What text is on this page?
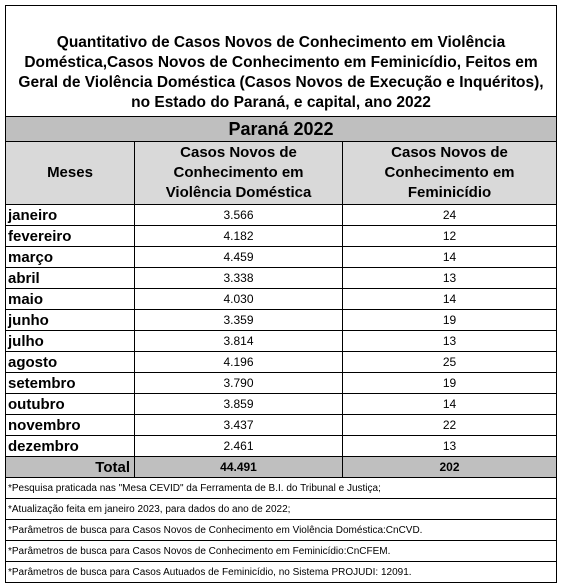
Quantitativo de Casos Novos de Conhecimento em Violência
Doméstica,Casos Novos de Conhecimento em Feminicídio, Feitos em
Geral de Violência Doméstica (Casos Novos de Execução e Inquéritos),
no Estado do Paraná, e capital, ano 2022		

Paraná 2022		
Meses	Casos Novos de
Conhecimento em
Violência Doméstica	Casos Novos de
Conhecimento em
Feminicídio

janeiro	3.566	24
fevereiro	4.182	12
março	4.459	14
abril	3.338	13
maio	4.030	14
junho	3.359	19
julho	3.814	13
agosto	4.196	25
setembro	3.790	19
outubro	3.859	14
novembro	3.437	22
dezembro	2.461	13
Total	44.491	202
*Pesquisa praticada nas "Mesa CEVID" da Ferramenta de B.I. do Tribunal e Justiça;		
*Atualização feita em janeiro 2023, para dados do ano de 2022;		
*Parâmetros de busca para Casos Novos de Conhecimento em Violência Doméstica:CnCVD.		
*Parâmetros de busca para Casos Novos de Conhecimento em Feminicídio:CnCFEM.		
*Parâmetros de busca para Casos Autuados de Feminicídio, no Sistema PROJUDI: 12091.		
